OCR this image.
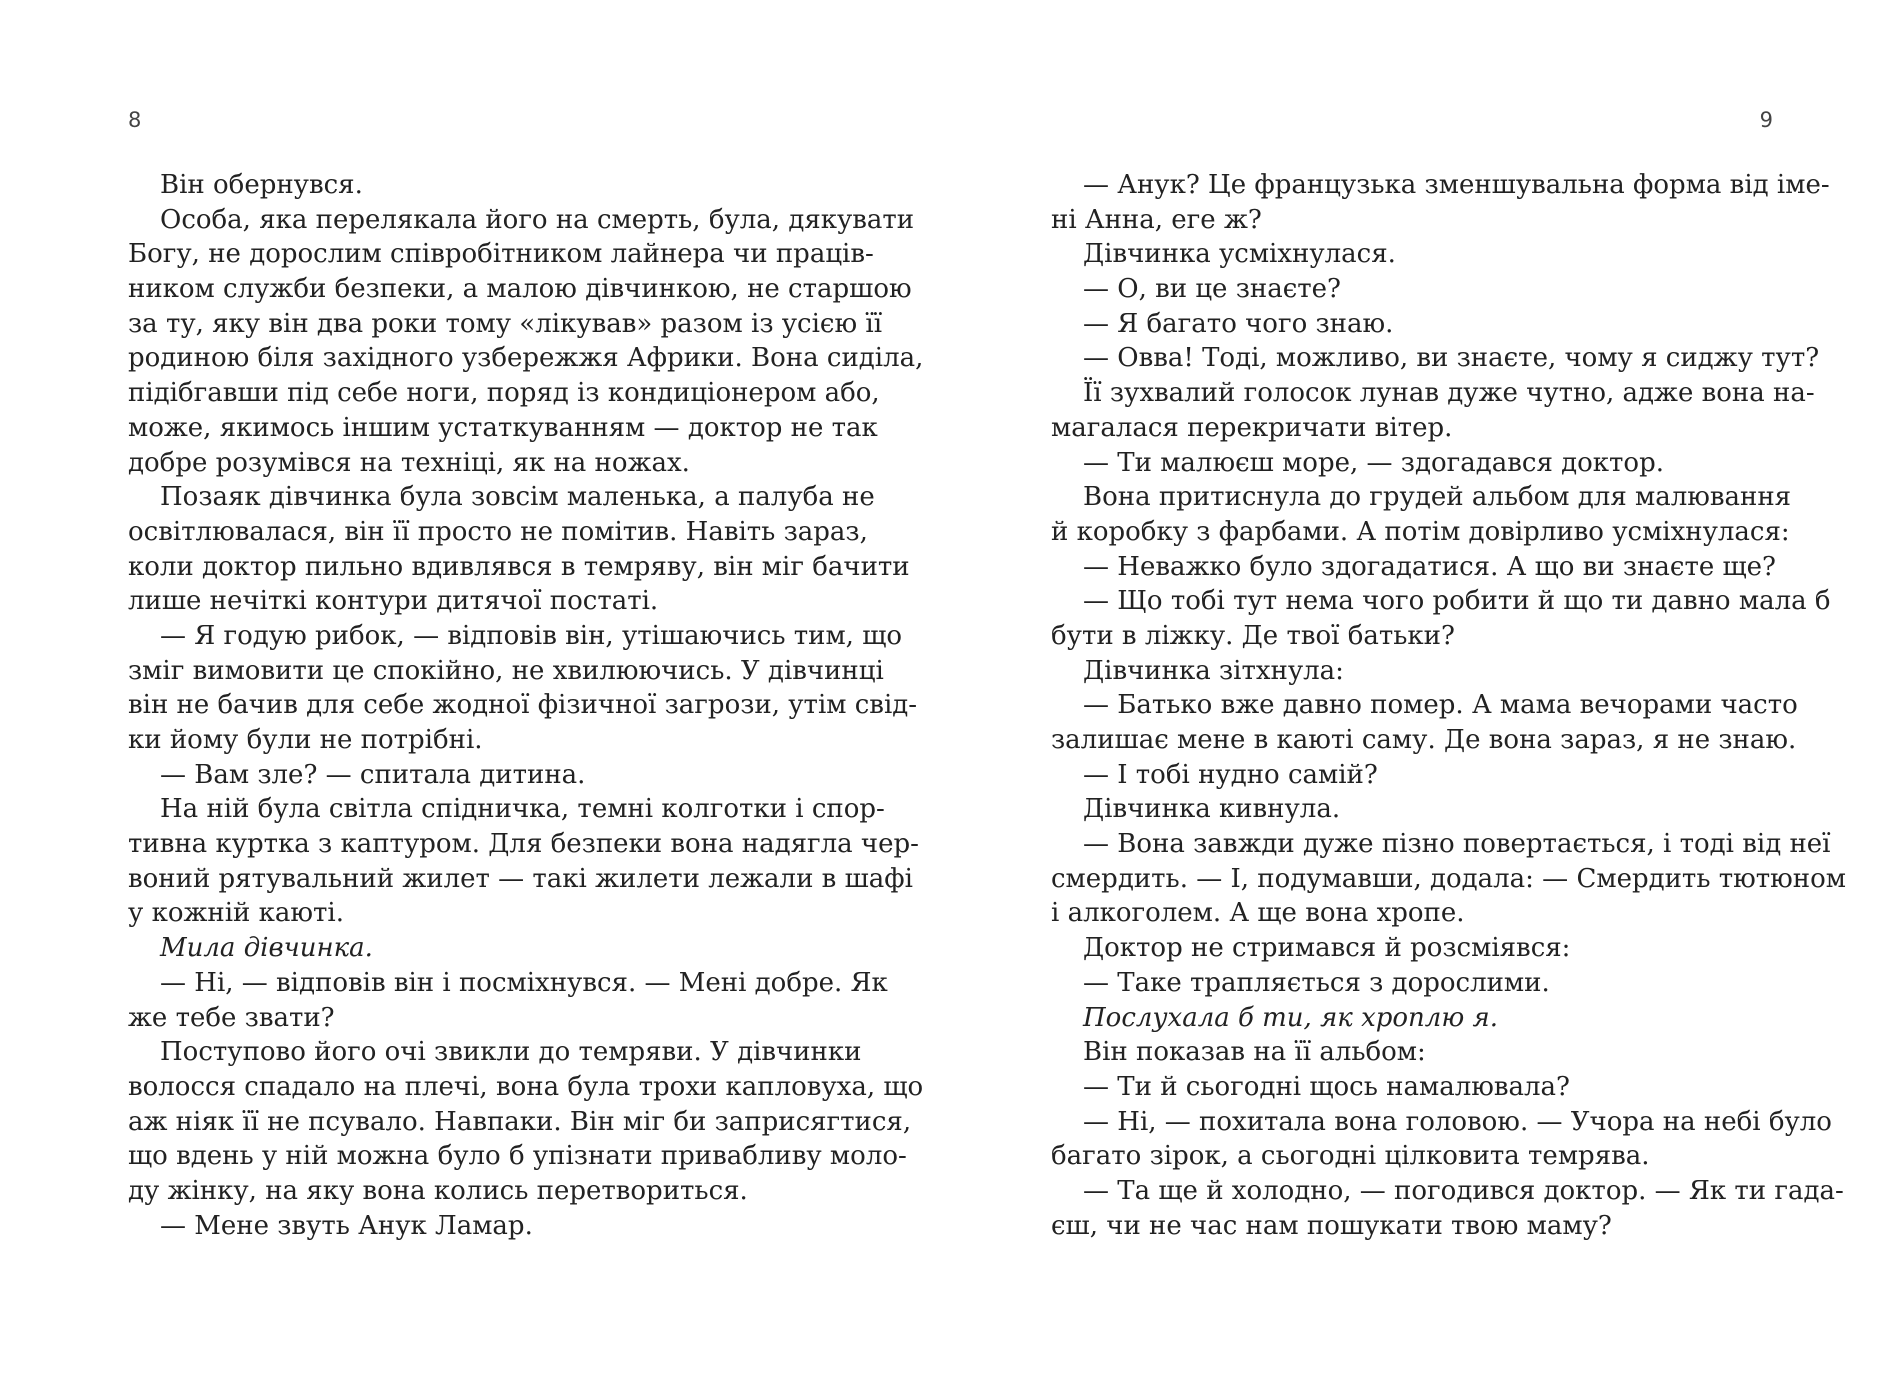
8
Він обернувся.
Особа, яка перелякала його на смерть, була, дякувати
Богу, не дорослим співробітником лайнера чи праців-
ником служби безпеки, а малою дівчинкою, не старшою
за ту, яку він два роки тому «лікував» разом із усією її
родиною біля західного узбережжя Африки. Вона сиділа,
підібгавши під себе ноги, поряд із кондиціонером або,
може, якимось іншим устаткуванням — доктор не так
добре розумівся на техніці, як на ножах.
Позаяк дівчинка була зовсім маленька, а палуба не
освітлювалася, він її просто не помітив. Навіть зараз,
коли доктор пильно вдивлявся в темряву, він міг бачити
лише нечіткі контури дитячої постаті.
— Я годую рибок, — відповів він, утішаючись тим, що
зміг вимовити це спокійно, не хвилюючись. У дівчинці
він не бачив для себе жодної фізичної загрози, утім свід-
ки йому були не потрібні.
— Вам зле? — спитала дитина.
На ній була світла спідничка, темні колготки і спор-
тивна куртка з каптуром. Для безпеки вона надягла чер-
воний рятувальний жилет — такі жилети лежали в шафі
у кожній каюті.
Мила дівчинка.
— Ні, — відповів він і посміхнувся. — Мені добре. Як
же тебе звати?
Поступово його очі звикли до темряви. У дівчинки
волосся спадало на плечі, вона була трохи капловуха, що
аж ніяк її не псувало. Навпаки. Він міг би заприсягтися,
що вдень у ній можна було б упізнати привабливу моло-
ду жінку, на яку вона колись перетвориться.
— Мене звуть Анук Ламар.
9
— Анук? Це французька зменшувальна форма від іме-
ні Анна, еге ж?
Дівчинка усміхнулася.
— О, ви це знаєте?
— Я багато чого знаю.
— Овва! Тоді, можливо, ви знаєте, чому я сиджу тут?
Її зухвалий голосок лунав дуже чутно, адже вона на-
магалася перекричати вітер.
— Ти малюєш море, — здогадався доктор.
Вона притиснула до грудей альбом для малювання
й коробку з фарбами. А потім довірливо усміхнулася:
— Неважко було здогадатися. А що ви знаєте ще?
— Що тобі тут нема чого робити й що ти давно мала б
бути в ліжку. Де твої батьки?
Дівчинка зітхнула:
— Батько вже давно помер. А мама вечорами часто
залишає мене в каюті саму. Де вона зараз, я не знаю.
— І тобі нудно самій?
Дівчинка кивнула.
— Вона завжди дуже пізно повертається, і тоді від неї
смердить. — І, подумавши, додала: — Смердить тютюном
і алкоголем. А ще вона хропе.
Доктор не стримався й розсміявся:
— Таке трапляється з дорослими.
Послухала б ти, як хроплю я.
Він показав на її альбом:
— Ти й сьогодні щось намалювала?
— Ні, — похитала вона головою. — Учора на небі було
багато зірок, а сьогодні цілковита темрява.
— Та ще й холодно, — погодився доктор. — Як ти гада-
єш, чи не час нам пошукати твою маму?
